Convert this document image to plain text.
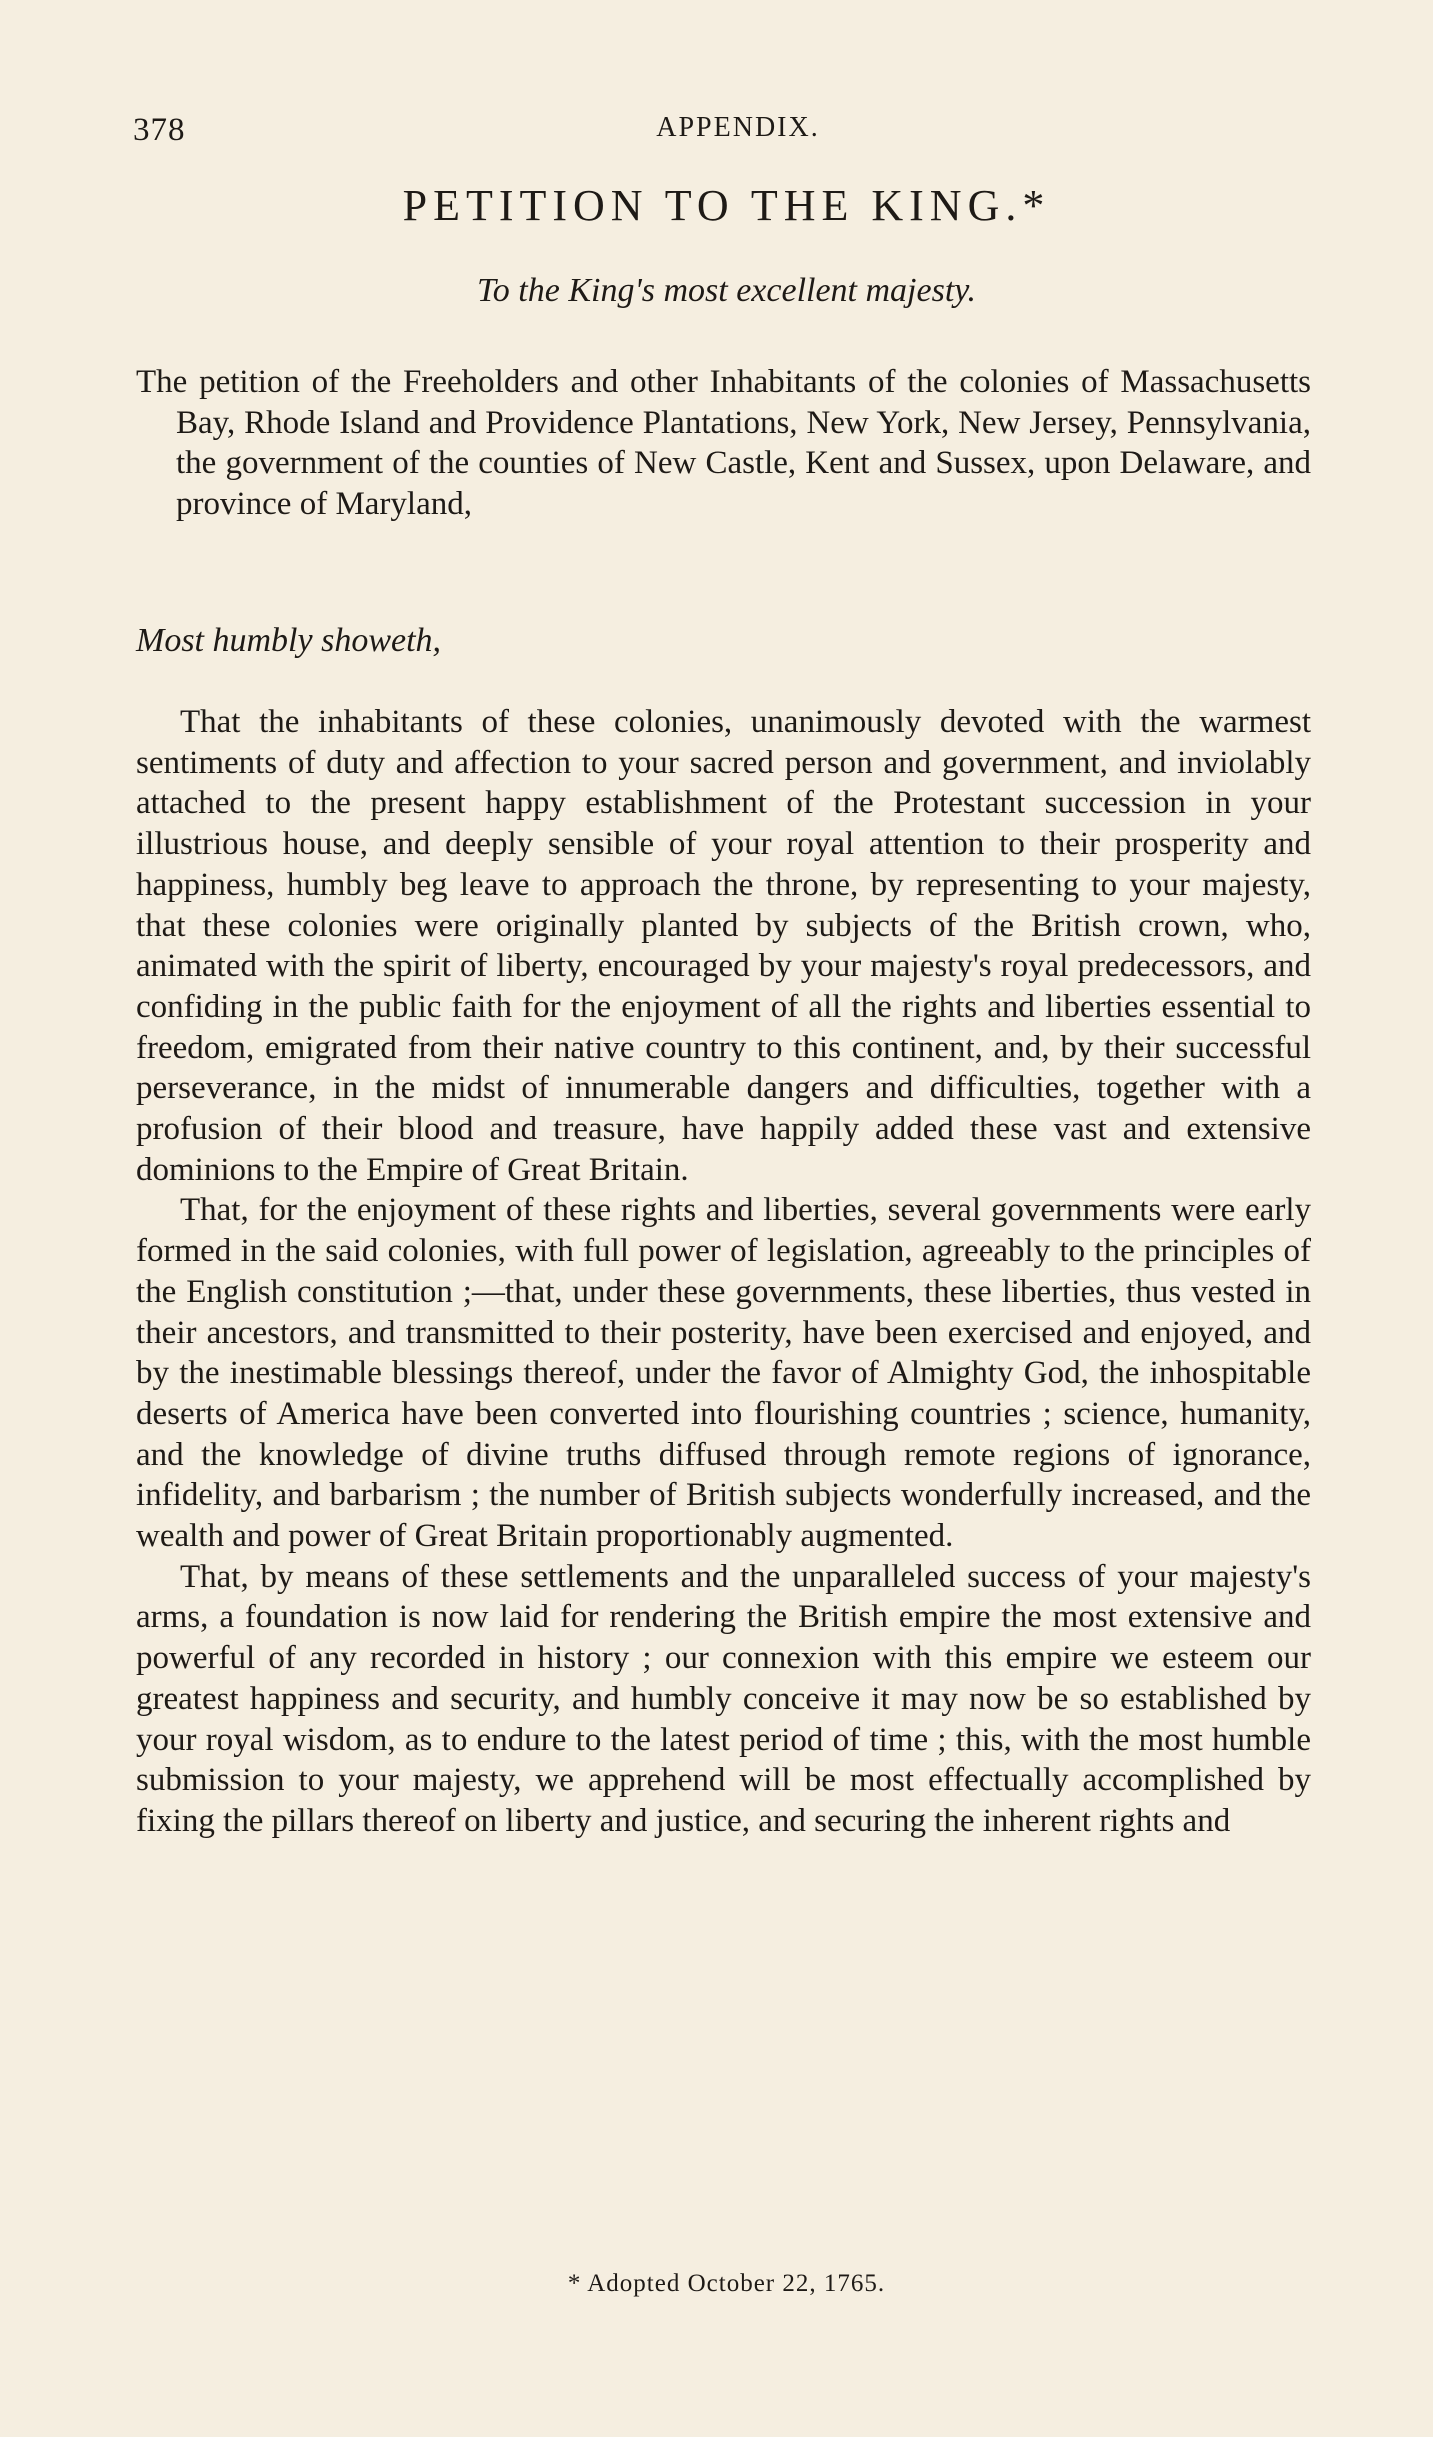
378	APPENDIX.
PETITION TO THE KING.*
To the King's most excellent majesty.
The petition of the Freeholders and other Inhabitants of the colonies of Massachusetts Bay, Rhode Island and Providence Plantations, New York, New Jersey, Pennsylvania, the government of the counties of New Castle, Kent and Sussex, upon Delaware, and province of Maryland,
Most humbly showeth,

That the inhabitants of these colonies, unanimously devoted with the warmest sentiments of duty and affection to your sacred person and government, and inviolably attached to the present happy establishment of the Protestant succession in your illustrious house, and deeply sensible of your royal attention to their prosperity and happiness, humbly beg leave to approach the throne, by representing to your majesty, that these colonies were originally planted by subjects of the British crown, who, animated with the spirit of liberty, encouraged by your majesty's royal predecessors, and confiding in the public faith for the enjoyment of all the rights and liberties essential to freedom, emigrated from their native country to this continent, and, by their successful perseverance, in the midst of innumerable dangers and difficulties, together with a profusion of their blood and treasure, have happily added these vast and extensive dominions to the Empire of Great Britain.

That, for the enjoyment of these rights and liberties, several governments were early formed in the said colonies, with full power of legislation, agreeably to the principles of the English constitution ;—that, under these governments, these liberties, thus vested in their ancestors, and transmitted to their posterity, have been exercised and enjoyed, and by the inestimable blessings thereof, under the favor of Almighty God, the inhospitable deserts of America have been converted into flourishing countries ; science, humanity, and the knowledge of divine truths diffused through remote regions of ignorance, infidelity, and barbarism ; the number of British subjects wonderfully increased, and the wealth and power of Great Britain proportionably augmented.

That, by means of these settlements and the unparalleled success of your majesty's arms, a foundation is now laid for rendering the British empire the most extensive and powerful of any recorded in history ; our connexion with this empire we esteem our greatest happiness and security, and humbly conceive it may now be so established by your royal wisdom, as to endure to the latest period of time ; this, with the most humble submission to your majesty, we apprehend will be most effectually accomplished by fixing the pillars thereof on liberty and justice, and securing the inherent rights and

* Adopted October 22, 1765.
